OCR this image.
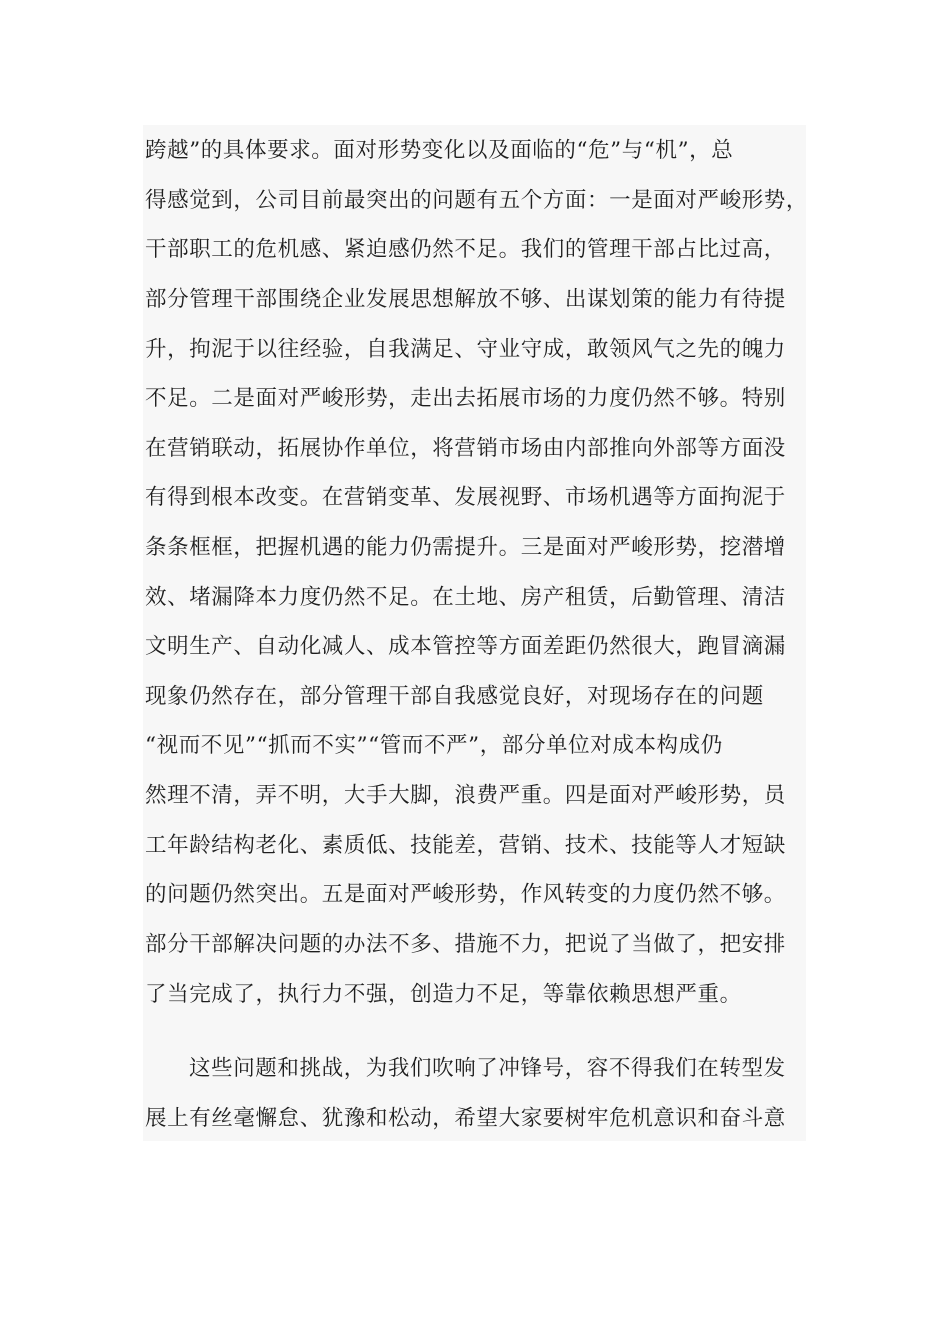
跨越”的具体要求。面对形势变化以及面临的“危”与“机”，总
得感觉到，公司目前最突出的问题有五个方面：一是面对严峻形势，
干部职工的危机感、紧迫感仍然不足。我们的管理干部占比过高，
部分管理干部围绕企业发展思想解放不够、出谋划策的能力有待提
升，拘泥于以往经验，自我满足、守业守成，敢领风气之先的魄力
不足。二是面对严峻形势，走出去拓展市场的力度仍然不够。特别
在营销联动，拓展协作单位，将营销市场由内部推向外部等方面没
有得到根本改变。在营销变革、发展视野、市场机遇等方面拘泥于
条条框框，把握机遇的能力仍需提升。三是面对严峻形势，挖潜增
效、堵漏降本力度仍然不足。在土地、房产租赁，后勤管理、清洁
文明生产、自动化减人、成本管控等方面差距仍然很大，跑冒滴漏
现象仍然存在，部分管理干部自我感觉良好，对现场存在的问题
“视而不见”“抓而不实”“管而不严”，部分单位对成本构成仍
然理不清，弄不明，大手大脚，浪费严重。四是面对严峻形势，员
工年龄结构老化、素质低、技能差，营销、技术、技能等人才短缺
的问题仍然突出。五是面对严峻形势，作风转变的力度仍然不够。
部分干部解决问题的办法不多、措施不力，把说了当做了，把安排
了当完成了，执行力不强，创造力不足，等靠依赖思想严重。
这些问题和挑战，为我们吹响了冲锋号，容不得我们在转型发
展上有丝毫懈怠、犹豫和松动，希望大家要树牢危机意识和奋斗意
